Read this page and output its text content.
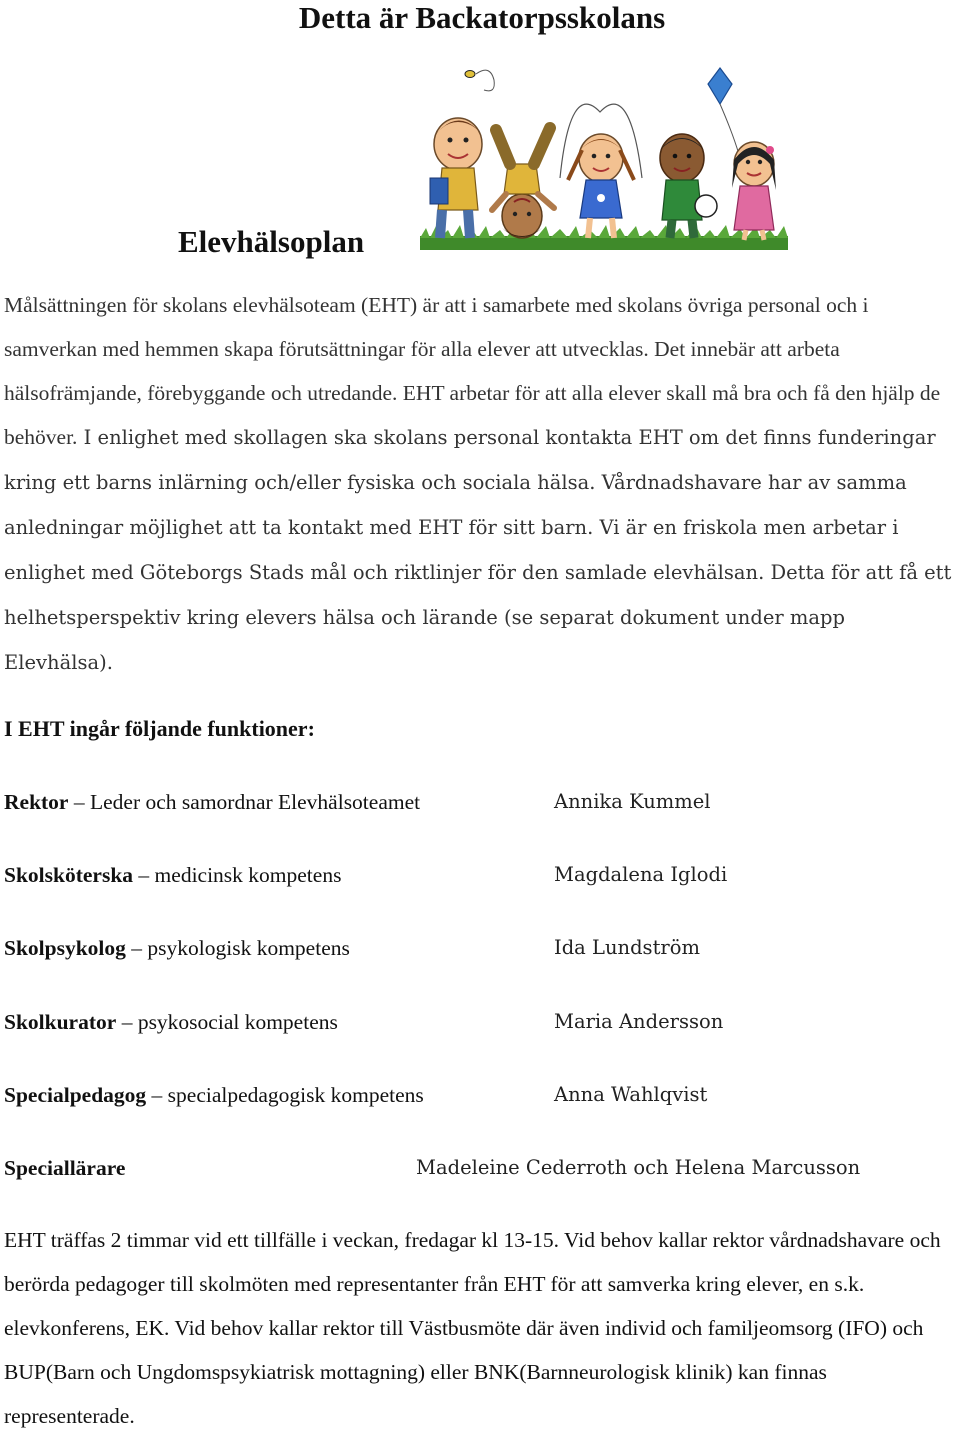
Detta är Backatorpsskolans
Elevhälsoplan

Målsättningen för skolans elevhälsoteam (EHT) är att i samarbete med skolans övriga personal och i samverkan med hemmen skapa förutsättningar för alla elever att utvecklas. Det innebär att arbeta hälsofrämjande, förebyggande och utredande. EHT arbetar för att alla elever skall må bra och få den hjälp de behöver. I enlighet med skollagen ska skolans personal kontakta EHT om det finns funderingar kring ett barns inlärning och/eller fysiska och sociala hälsa. Vårdnadshavare har av samma anledningar möjlighet att ta kontakt med EHT för sitt barn. Vi är en friskola men arbetar i enlighet med Göteborgs Stads mål och riktlinjer för den samlade elevhälsan. Detta för att få ett helhetsperspektiv kring elevers hälsa och lärande (se separat dokument under mapp Elevhälsa).

I EHT ingår följande funktioner:
Rektor – Leder och samordnar Elevhälsoteamet	Annika Kummel
Skolsköterska – medicinsk kompetens	Magdalena Iglodi
Skolpsykolog – psykologisk kompetens	Ida Lundström
Skolkurator – psykosocial kompetens	Maria Andersson
Specialpedagog – specialpedagogisk kompetens	Anna Wahlqvist
Speciallärare	Madeleine Cederroth och Helena Marcusson

EHT träffas 2 timmar vid ett tillfälle i veckan, fredagar kl 13-15. Vid behov kallar rektor vårdnadshavare och berörda pedagoger till skolmöten med representanter från EHT för att samverka kring elever, en s.k. elevkonferens, EK. Vid behov kallar rektor till Västbusmöte där även individ och familjeomsorg (IFO) och BUP(Barn och Ungdomspsykiatrisk mottagning) eller BNK(Barnneurologisk klinik) kan finnas representerade.
